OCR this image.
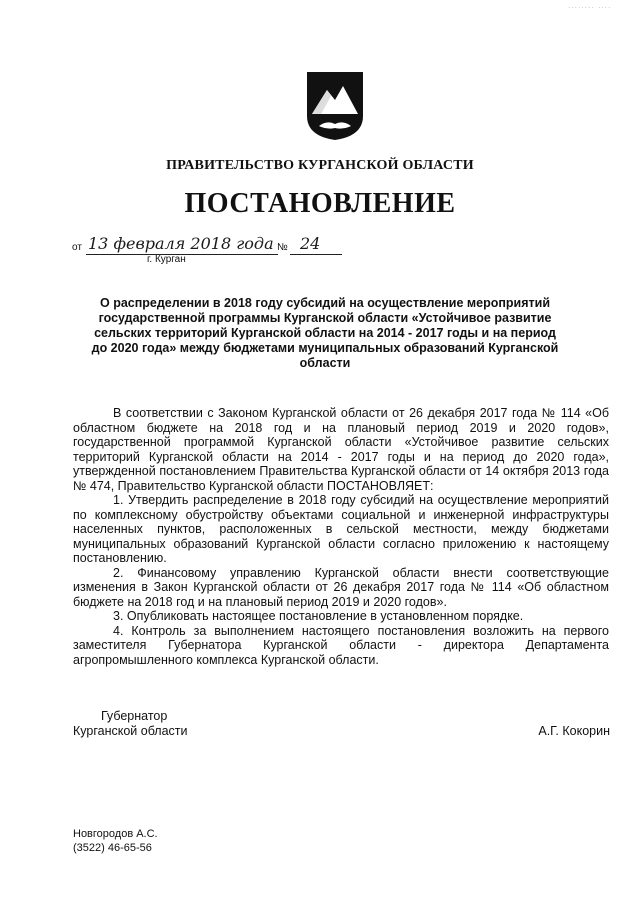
. . . . . . . .   . . . .
ПРАВИТЕЛЬСТВО КУРГАНСКОЙ ОБЛАСТИ
ПОСТАНОВЛЕНИЕ
от 13 февраля 2018 года № 24
г. Курган
О распределении в 2018 году субсидий на осуществление мероприятий государственной программы Курганской области «Устойчивое развитие сельских территорий Курганской области на 2014 - 2017 годы и на период до 2020 года» между бюджетами муниципальных образований Курганской области

В соответствии с Законом Курганской области от 26 декабря 2017 года № 114 «Об областном бюджете на 2018 год и на плановый период 2019 и 2020 годов», государственной программой Курганской области «Устойчивое развитие сельских территорий Курганской области на 2014 - 2017 годы и на период до 2020 года», утвержденной постановлением Правительства Курганской области от 14 октября 2013 года № 474, Правительство Курганской области ПОСТАНОВЛЯЕТ:

1. Утвердить распределение в 2018 году субсидий на осуществление мероприятий по комплексному обустройству объектами социальной и инженерной инфраструктуры населенных пунктов, расположенных в сельской местности, между бюджетами муниципальных образований Курганской области согласно приложению к настоящему постановлению.

2. Финансовому управлению Курганской области внести соответствующие изменения в Закон Курганской области от 26 декабря 2017 года № 114 «Об областном бюджете на 2018 год и на плановый период 2019 и 2020 годов».

3. Опубликовать настоящее постановление в установленном порядке.

4. Контроль за выполнением настоящего постановления возложить на первого заместителя Губернатора Курганской области - директора Департамента агропромышленного комплекса Курганской области.

Губернатор
Курганской области	А.Г. Кокорин
Новгородов А.С.
(3522) 46-65-56
